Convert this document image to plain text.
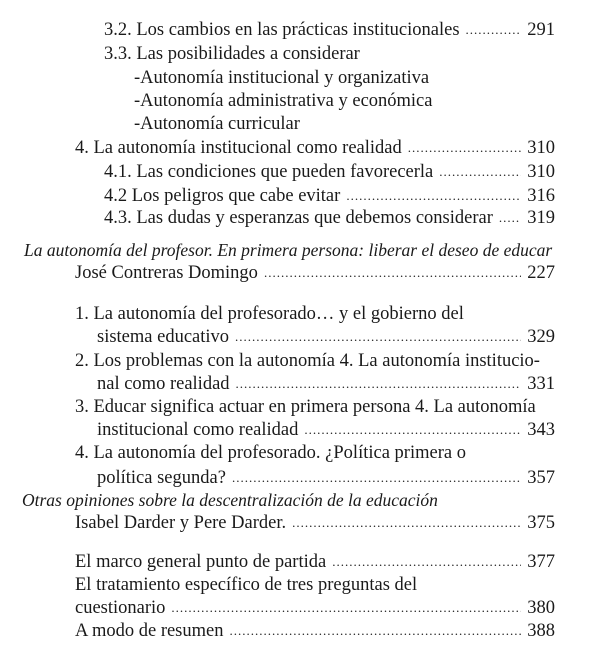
3.2. Los cambios en las prácticas institucionales .....	291
3.3. Las posibilidades a considerar
-Autonomía institucional y organizativa
-Autonomía administrativa y económica
-Autonomía curricular
4. La autonomía institucional como realidad .....	310
4.1. Las condiciones que pueden favorecerla .....	310
4.2 Los peligros que cabe evitar .....	316
4.3. Las dudas y esperanzas que debemos considerar ..... 319
La autonomía del profesor. En primera persona: liberar el deseo de educar
José Contreras Domingo .....	227
1. La autonomía del profesorado… y el gobierno del
sistema educativo .....	329
2. Los problemas con la autonomía 4. La autonomía institucio-
nal como realidad .....	331
3. Educar significa actuar en primera persona 4. La autonomía
institucional como realidad .....	343
4. La autonomía del profesorado. ¿Política primera o
política segunda? .....	357
Otras opiniones sobre la descentralización de la educación
Isabel Darder y Pere Darder. .....	375
El marco general punto de partida .....	377
El tratamiento específico de tres preguntas del
cuestionario .....	380
A modo de resumen .....	388
